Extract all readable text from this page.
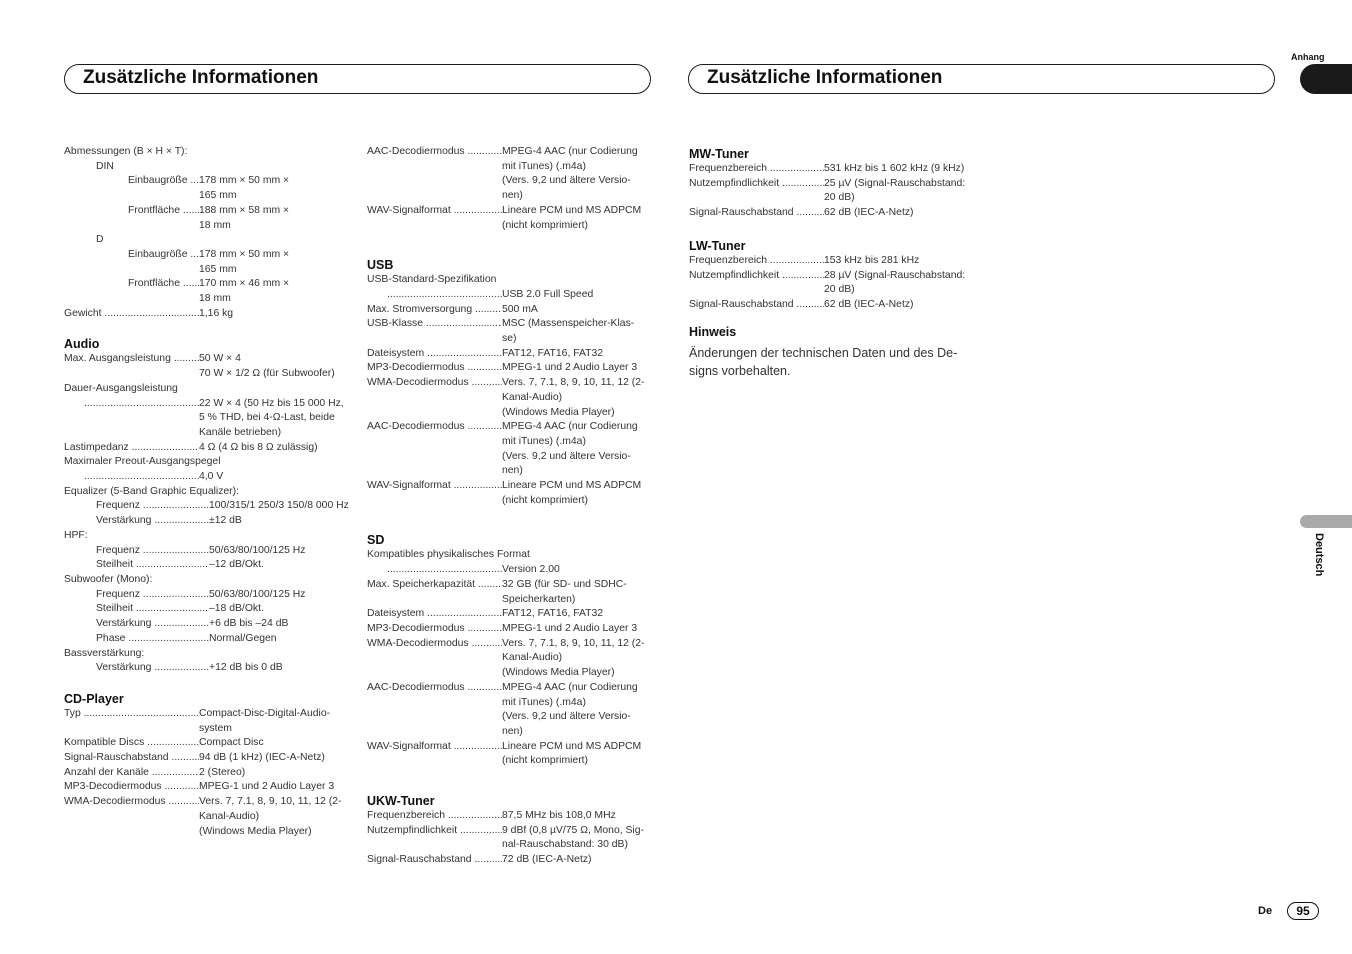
Zusätzliche Informationen	Zusätzliche Informationen
Anhang
Deutsch
De	95
Abmessungen (B × H × T):
DIN
Einbaugröße .....	178 mm × 50 mm ×
165 mm
Frontfläche .....	188 mm × 58 mm ×
18 mm
D
Einbaugröße .....	178 mm × 50 mm ×
165 mm
Frontfläche .....	170 mm × 46 mm ×
18 mm
Gewicht .....	1,16 kg
Audio
Max. Ausgangsleistung .....	50 W × 4
70 W × 1/2 Ω (für Subwoofer)
Dauer-Ausgangsleistung
.....
22 W × 4 (50 Hz bis 15 000 Hz,
5 % THD, bei 4-Ω-Last, beide
Kanäle betrieben)
Lastimpedanz .....	4 Ω (4 Ω bis 8 Ω zulässig)
Maximaler Preout-Ausgangspegel
.....
4,0 V
Equalizer (5-Band Graphic Equalizer):
Frequenz .....	100/315/1 250/3 150/8 000 Hz
Verstärkung .....	±12 dB
HPF:
Frequenz .....	50/63/80/100/125 Hz
Steilheit .....	–12 dB/Okt.
Subwoofer (Mono):
Frequenz .....	50/63/80/100/125 Hz
Steilheit .....	–18 dB/Okt.
Verstärkung .....	+6 dB bis –24 dB
Phase .....	Normal/Gegen
Bassverstärkung:
Verstärkung .....	+12 dB bis 0 dB
CD-Player
Typ .....	Compact-Disc-Digital-Audio-
system
Kompatible Discs .....	Compact Disc
Signal-Rauschabstand .....	94 dB (1 kHz) (IEC-A-Netz)
Anzahl der Kanäle .....	2 (Stereo)
MP3-Decodiermodus .....	MPEG-1 und 2 Audio Layer 3
WMA-Decodiermodus .....	Vers. 7, 7.1, 8, 9, 10, 11, 12 (2-
Kanal-Audio)
(Windows Media Player)
AAC-Decodiermodus .....	MPEG-4 AAC (nur Codierung
mit iTunes) (.m4a)
(Vers. 9,2 und ältere Versio-
nen)
WAV-Signalformat .....	Lineare PCM und MS ADPCM
(nicht komprimiert)
USB
USB-Standard-Spezifikation
.....
USB 2.0 Full Speed
Max. Stromversorgung .....	500 mA
USB-Klasse .....	MSC (Massenspeicher-Klas-
se)
Dateisystem .....	FAT12, FAT16, FAT32
MP3-Decodiermodus .....	MPEG-1 und 2 Audio Layer 3
WMA-Decodiermodus .....	Vers. 7, 7.1, 8, 9, 10, 11, 12 (2-
Kanal-Audio)
(Windows Media Player)
AAC-Decodiermodus .....	MPEG-4 AAC (nur Codierung
mit iTunes) (.m4a)
(Vers. 9,2 und ältere Versio-
nen)
WAV-Signalformat .....	Lineare PCM und MS ADPCM
(nicht komprimiert)
SD
Kompatibles physikalisches Format
.....
Version 2.00
Max. Speicherkapazität .....	32 GB (für SD- und SDHC-
Speicherkarten)
Dateisystem .....	FAT12, FAT16, FAT32
MP3-Decodiermodus .....	MPEG-1 und 2 Audio Layer 3
WMA-Decodiermodus .....	Vers. 7, 7.1, 8, 9, 10, 11, 12 (2-
Kanal-Audio)
(Windows Media Player)
AAC-Decodiermodus .....	MPEG-4 AAC (nur Codierung
mit iTunes) (.m4a)
(Vers. 9,2 und ältere Versio-
nen)
WAV-Signalformat .....	Lineare PCM und MS ADPCM
(nicht komprimiert)
UKW-Tuner
Frequenzbereich .....	87,5 MHz bis 108,0 MHz
Nutzempfindlichkeit .....	9 dBf (0,8 µV/75 Ω, Mono, Sig-
nal-Rauschabstand: 30 dB)
Signal-Rauschabstand .....	72 dB (IEC-A-Netz)
MW-Tuner
Frequenzbereich .....	531 kHz bis 1 602 kHz (9 kHz)
Nutzempfindlichkeit .....	25 µV (Signal-Rauschabstand:
20 dB)
Signal-Rauschabstand .....	62 dB (IEC-A-Netz)
LW-Tuner
Frequenzbereich .....	153 kHz bis 281 kHz
Nutzempfindlichkeit .....	28 µV (Signal-Rauschabstand:
20 dB)
Signal-Rauschabstand .....	62 dB (IEC-A-Netz)
Hinweis
Änderungen der technischen Daten und des De-
signs vorbehalten.
